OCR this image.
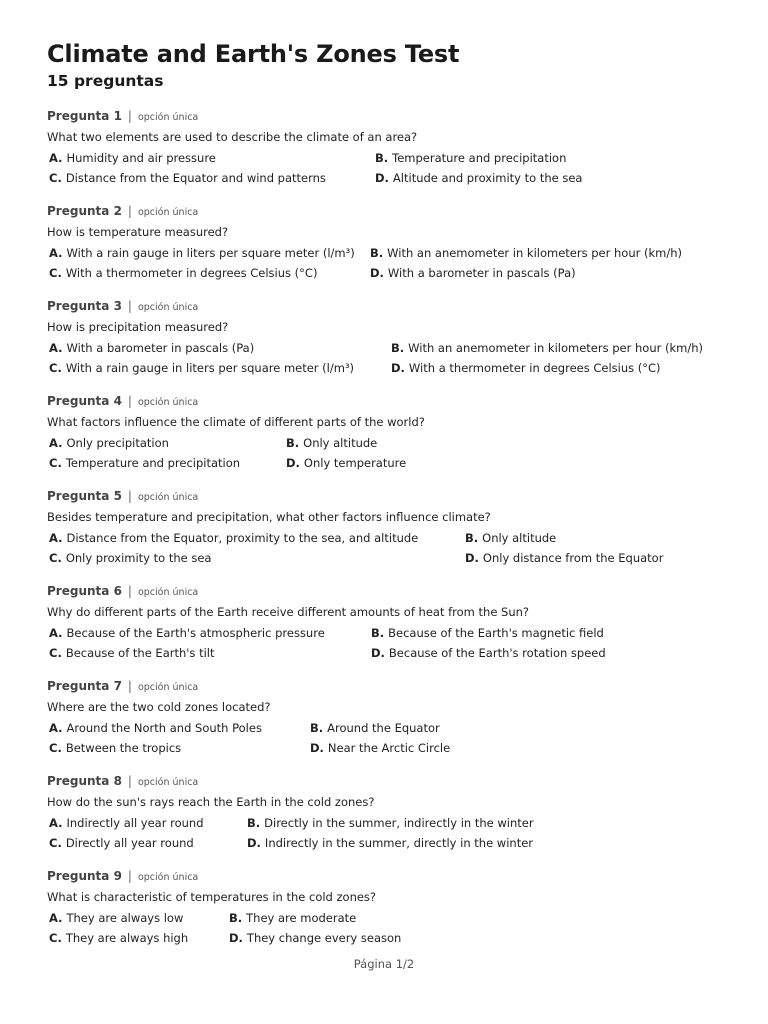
Climate and Earth's Zones Test
15 preguntas
Pregunta 1 | opción única
What two elements are used to describe the climate of an area?
A. Humidity and air pressure	B. Temperature and precipitation
C. Distance from the Equator and wind patterns	D. Altitude and proximity to the sea
Pregunta 2 | opción única
How is temperature measured?
A. With a rain gauge in liters per square meter (l/m³) B. With an anemometer in kilometers per hour (km/h)
C. With a thermometer in degrees Celsius (°C)	D. With a barometer in pascals (Pa)
Pregunta 3 | opción única
How is precipitation measured?
A. With a barometer in pascals (Pa)	B. With an anemometer in kilometers per hour (km/h)
C. With a rain gauge in liters per square meter (l/m³)	D. With a thermometer in degrees Celsius (°C)
Pregunta 4 | opción única
What factors influence the climate of different parts of the world?
A. Only precipitation	B. Only altitude
C. Temperature and precipitation	D. Only temperature
Pregunta 5 | opción única
Besides temperature and precipitation, what other factors influence climate?
A. Distance from the Equator, proximity to the sea, and altitude	B. Only altitude
C. Only proximity to the sea	D. Only distance from the Equator
Pregunta 6 | opción única
Why do different parts of the Earth receive different amounts of heat from the Sun?
A. Because of the Earth's atmospheric pressure	B. Because of the Earth's magnetic field
C. Because of the Earth's tilt	D. Because of the Earth's rotation speed
Pregunta 7 | opción única
Where are the two cold zones located?
A. Around the North and South Poles	B. Around the Equator
C. Between the tropics	D. Near the Arctic Circle
Pregunta 8 | opción única
How do the sun's rays reach the Earth in the cold zones?
A. Indirectly all year round	B. Directly in the summer, indirectly in the winter
C. Directly all year round	D. Indirectly in the summer, directly in the winter
Pregunta 9 | opción única
What is characteristic of temperatures in the cold zones?
A. They are always low	B. They are moderate
C. They are always high	D. They change every season
Página 1/2
